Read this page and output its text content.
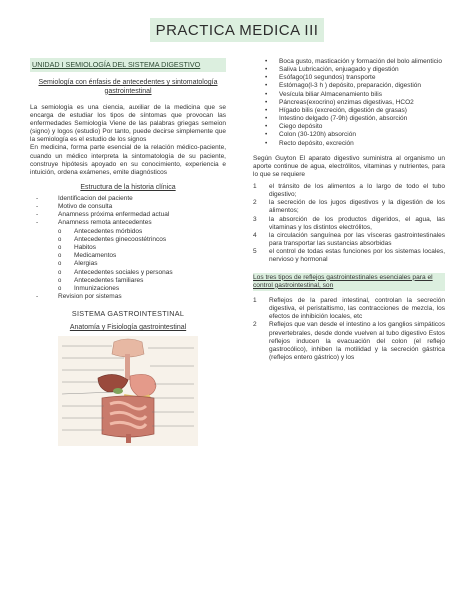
PRACTICA MEDICA III
UNIDAD I SEMIOLOGÍA DEL SISTEMA DIGESTIVO
Semiología con énfasis de antecedentes y sintomatología gastrointestinal

La semiología es una ciencia, auxiliar de la medicina que se encarga de estudiar los tipos de síntomas que provocan las enfermedades Semiología Viene de las palabras griegas semeion (signo) y logos (estudio) Por tanto, puede decirse simplemente que la semiología es el estudio de los signos

En medicina, forma parte esencial de la relación médico-paciente, cuando un médico interpreta la sintomatología de su paciente, construye hipótesis apoyado en su conocimiento, experiencia e intuición, ordena exámenes, emite diagnósticos

Estructura de la historia clínica
- Identificacion del paciente
- Motivo de consulta
- Anamness próxima enfermedad actual
- Anamness remota antecedentes
o Antecedentes mórbidos
o Antecedentes ginecoostétrincos
o Habitos
o Medicamentos
o Alergias
o Antecedentes sociales y personas
o Antecedentes familiares
o Inmunizaciones
- Revision por sistemas
SISTEMA GASTROINTESTINAL
Anatomía y Fisiología gastrointestinal
• Boca gusto, masticación y formación del bolo alimenticio
• Saliva Lubricación, enjuagado y digestión
• Esófago(10 segundos) transporte
• Estómago(l-3 h ) depósito, preparación, digestión
• Vesícula biliar Almacenamiento bilis
• Páncreas(exocrino) enzimas digestivas, HCO2
• Hígado bilis (excreción, digestión de grasas)
• Intestino delgado (7-9h) digestión, absorción
• Ciego depósito
• Colon (30-120h) absorción
• Recto depósito, excreción

Según Guyton El aparato digestivo suministra al organismo un aporte continue de agua, electrólitos, vitaminas y nutrientes, para lo que se requiere

1 el tránsito de los alimentos a lo largo de todo el tubo digestivo;
2 la secreción de los jugos digestivos y la digestión de los alimentos;
3 la absorción de los productos digeridos, el agua, las vitaminas y los distintos electrólitos,
4 la circulación sanguínea por las vísceras gastrointestinales para transportar las sustancias absorbidas
5 el control de todas estas funciones por los sistemas locales, nervioso y hormonal
Los tres tipos de reflejos gastrointestinales esenciales para el control gastrointestinal, son
1 Reflejos de la pared intestinal, controlan la secreción digestiva, el peristaltismo, las contracciones de mezcla, los efectos de inhibición locales, etc
2 Reflejos que van desde el intestino a los ganglios simpáticos prevertebrales, desde donde vuelven al tubo digestivo Estos reflejos inducen la evacuación del colon (el reflejo gastrocólico), inhiben la motilidad y la secreción gástrica (reflejos entero gástrico) y los
